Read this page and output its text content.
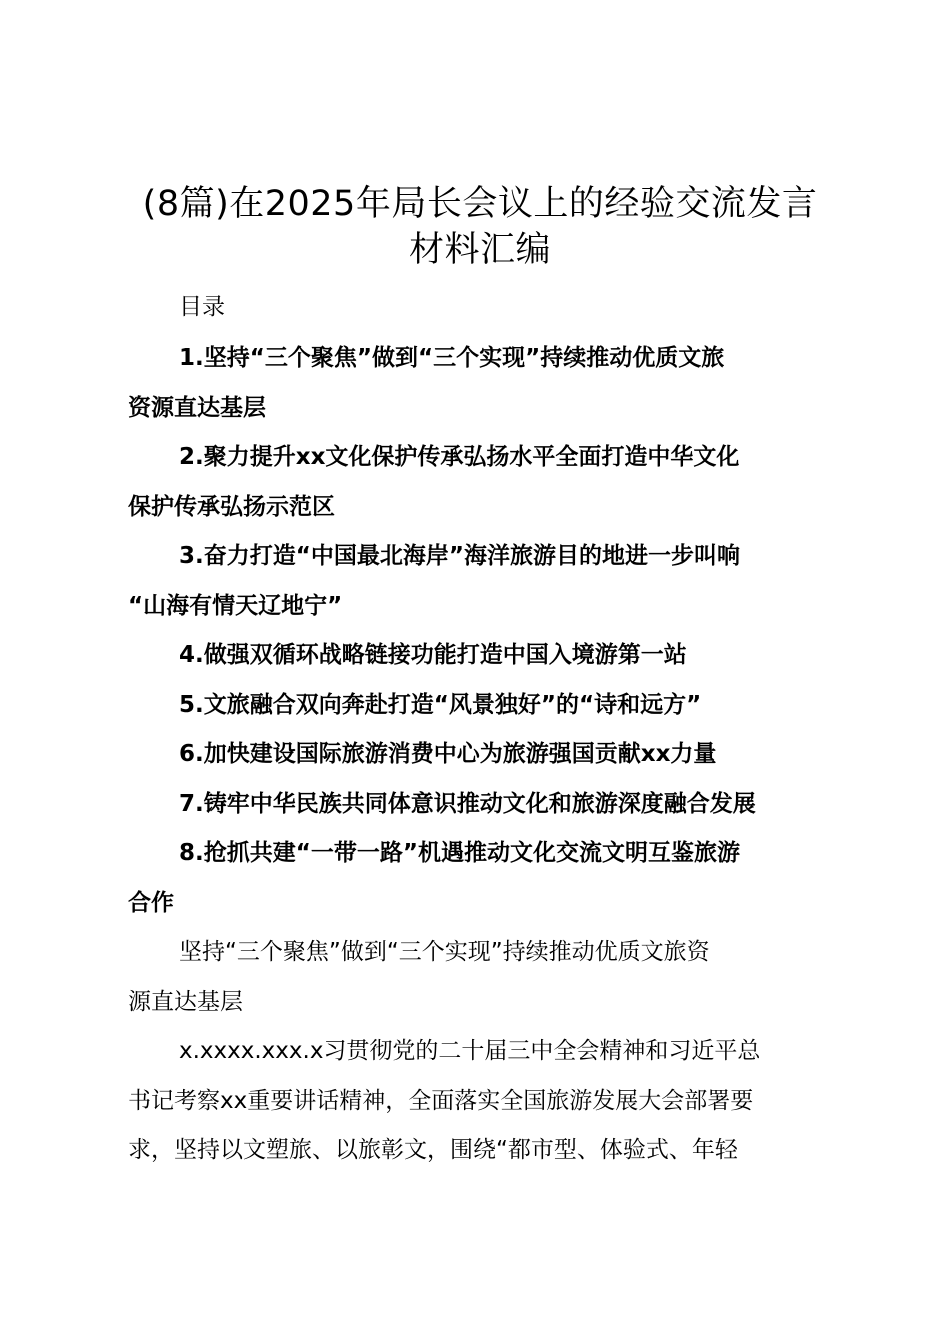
(8篇)在2025年局长会议上的经验交流发言
材料汇编
目录
1.坚持“三个聚焦”做到“三个实现”持续推动优质文旅
资源直达基层
2.聚力提升xx文化保护传承弘扬水平全面打造中华文化
保护传承弘扬示范区
3.奋力打造“中国最北海岸”海洋旅游目的地进一步叫响
“山海有情天辽地宁”
4.做强双循环战略链接功能打造中国入境游第一站
5.文旅融合双向奔赴打造“风景独好”的“诗和远方”
6.加快建设国际旅游消费中心为旅游强国贡献xx力量
7.铸牢中华民族共同体意识推动文化和旅游深度融合发展
8.抢抓共建“一带一路”机遇推动文化交流文明互鉴旅游
合作
坚持“三个聚焦”做到“三个实现”持续推动优质文旅资
源直达基层
x.xxxx.xxx.x习贯彻党的二十届三中全会精神和习近平总
书记考察xx重要讲话精神，全面落实全国旅游发展大会部署要
求，坚持以文塑旅、以旅彰文，围绕“都市型、体验式、年轻
